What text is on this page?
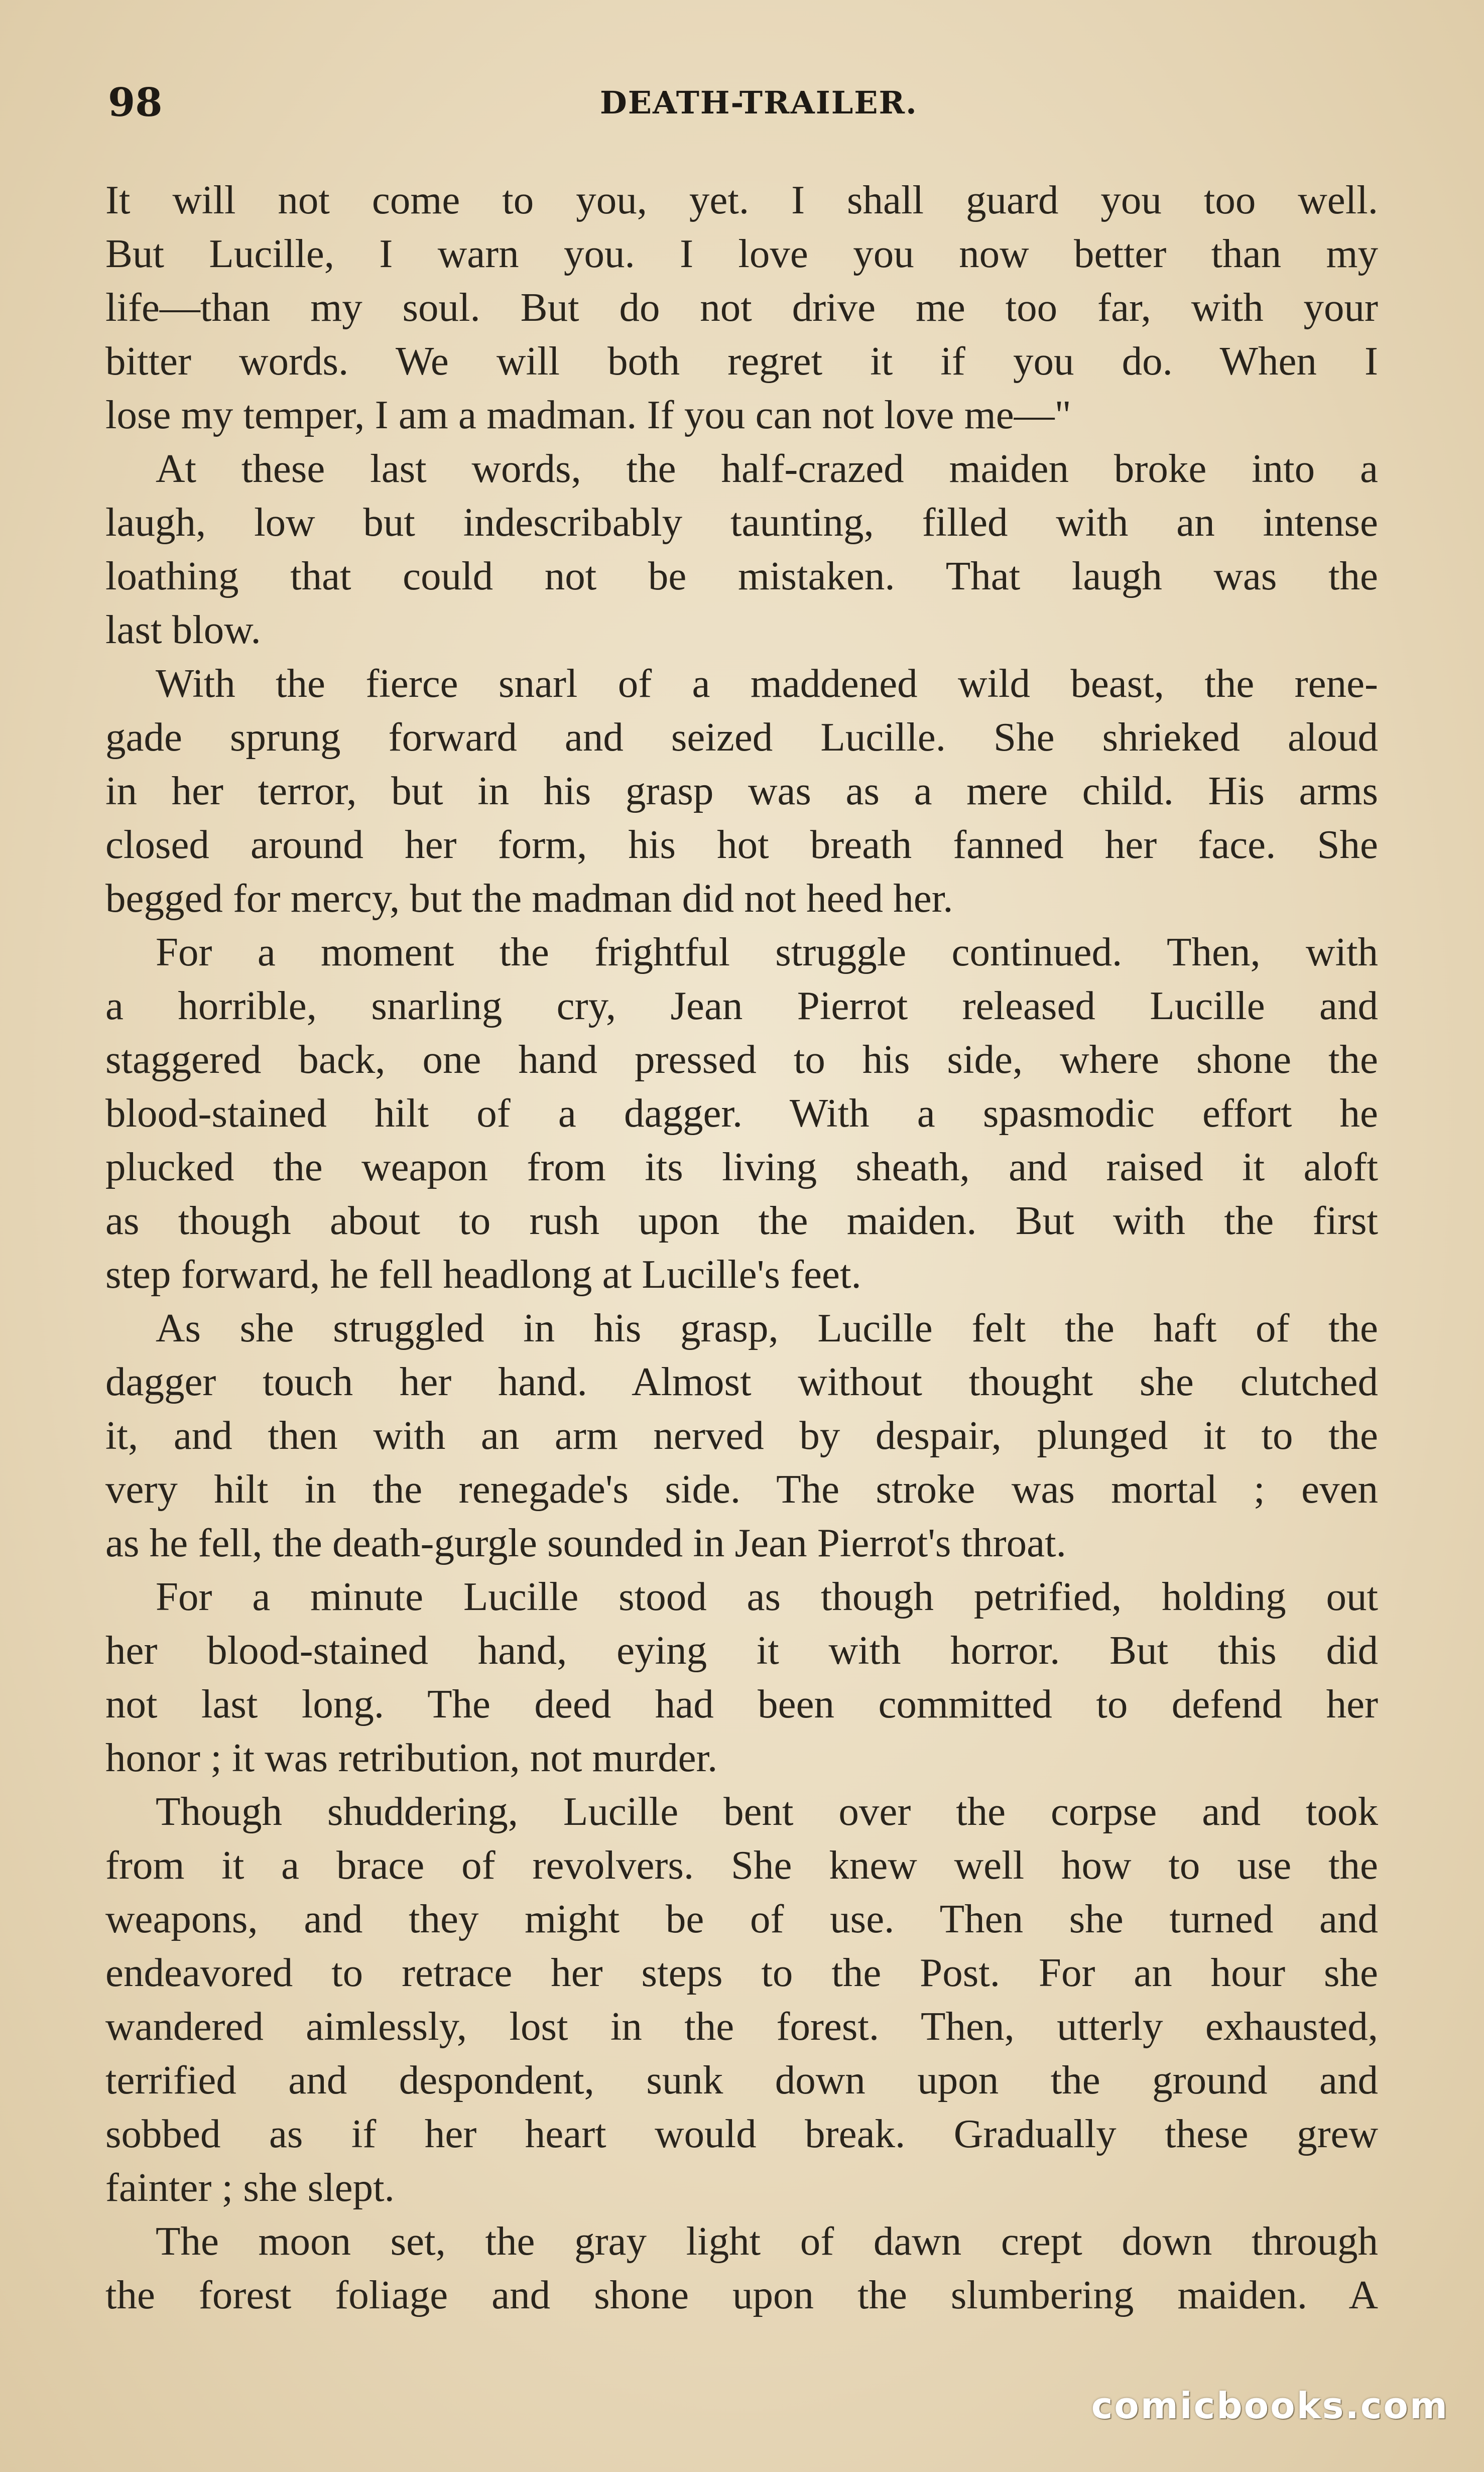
98	DEATH-TRAILER.
It will not come to you, yet. I shall guard you too well.
But Lucille, I warn you. I love you now better than my
life—than my soul. But do not drive me too far, with your
bitter words. We will both regret it if you do. When I
lose my temper, I am a madman. If you can not love me—"
At these last words, the half-crazed maiden broke into a
laugh, low but indescribably taunting, filled with an intense
loathing that could not be mistaken. That laugh was the
last blow.
With the fierce snarl of a maddened wild beast, the rene-
gade sprung forward and seized Lucille. She shrieked aloud
in her terror, but in his grasp was as a mere child. His arms
closed around her form, his hot breath fanned her face. She
begged for mercy, but the madman did not heed her.
For a moment the frightful struggle continued. Then, with
a horrible, snarling cry, Jean Pierrot released Lucille and
staggered back, one hand pressed to his side, where shone the
blood-stained hilt of a dagger. With a spasmodic effort he
plucked the weapon from its living sheath, and raised it aloft
as though about to rush upon the maiden. But with the first
step forward, he fell headlong at Lucille's feet.
As she struggled in his grasp, Lucille felt the haft of the
dagger touch her hand. Almost without thought she clutched
it, and then with an arm nerved by despair, plunged it to the
very hilt in the renegade's side. The stroke was mortal ; even
as he fell, the death-gurgle sounded in Jean Pierrot's throat.
For a minute Lucille stood as though petrified, holding out
her blood-stained hand, eying it with horror. But this did
not last long. The deed had been committed to defend her
honor ; it was retribution, not murder.
Though shuddering, Lucille bent over the corpse and took
from it a brace of revolvers. She knew well how to use the
weapons, and they might be of use. Then she turned and
endeavored to retrace her steps to the Post. For an hour she
wandered aimlessly, lost in the forest. Then, utterly exhausted,
terrified and despondent, sunk down upon the ground and
sobbed as if her heart would break. Gradually these grew
fainter ; she slept.
The moon set, the gray light of dawn crept down through
the forest foliage and shone upon the slumbering maiden. A
comicbooks.com
